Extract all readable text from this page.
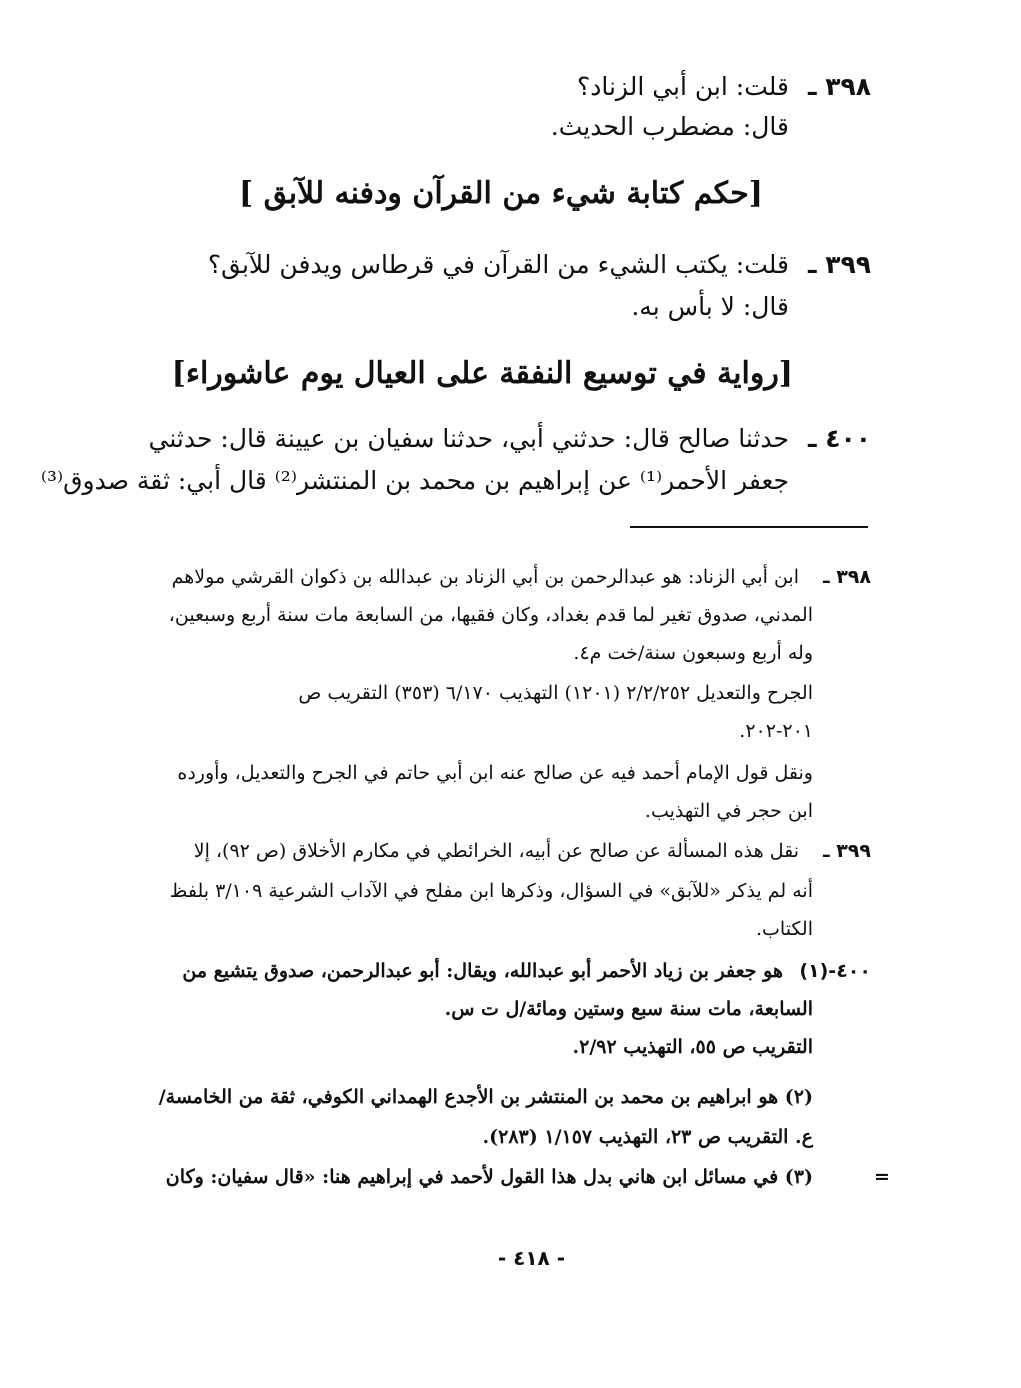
٣٩٨ ـ
قلت: ابن أبي الزناد؟
قال: مضطرب الحديث.
[حكم كتابة شيء من القرآن ودفنه للآبق ]
٣٩٩ ـ
قلت: يكتب الشيء من القرآن في قرطاس ويدفن للآبق؟
قال: لا بأس به.
[رواية في توسيع النفقة على العيال يوم عاشوراء]
٤٠٠ ـ
حدثنا صالح قال: حدثني أبي، حدثنا سفيان بن عيينة قال: حدثني
جعفر الأحمر⁽¹⁾ عن إبراهيم بن محمد بن المنتشر⁽²⁾ قال أبي: ثقة صدوق⁽³⁾
٣٩٨ ـ
ابن أبي الزناد: هو عبدالرحمن بن أبي الزناد بن عبدالله بن ذكوان القرشي مولاهم
المدني، صدوق تغير لما قدم بغداد، وكان فقيها، من السابعة مات سنة أربع وسبعين،
وله أربع وسبعون سنة/خت م٤.
الجرح والتعديل ٢/٢/٢٥٢ (١٢٠١) التهذيب ٦/١٧٠ (٣٥٣) التقريب ص
٢٠١-٢٠٢.
ونقل قول الإمام أحمد فيه عن صالح عنه ابن أبي حاتم في الجرح والتعديل، وأورده
ابن حجر في التهذيب.
٣٩٩ ـ
نقل هذه المسألة عن صالح عن أبيه، الخرائطي في مكارم الأخلاق (ص ٩٢)، إلا
أنه لم يذكر «للآبق» في السؤال، وذكرها ابن مفلح في الآداب الشرعية ٣/١٠٩ بلفظ
الكتاب.
٤٠٠-(١)
هو جعفر بن زياد الأحمر أبو عبدالله، ويقال: أبو عبدالرحمن، صدوق يتشيع من
السابعة، مات سنة سبع وستين ومائة/ل ت س.
التقريب ص ٥٥، التهذيب ٢/٩٢.
(٢) هو ابراهيم بن محمد بن المنتشر بن الأجدع الهمداني الكوفي، ثقة من الخامسة/
ع. التقريب ص ٢٣، التهذيب ١/١٥٧ (٢٨٣).
(٣) في مسائل ابن هاني بدل هذا القول لأحمد في إبراهيم هنا: «قال سفيان: وكان	=
- ٤١٨ -
